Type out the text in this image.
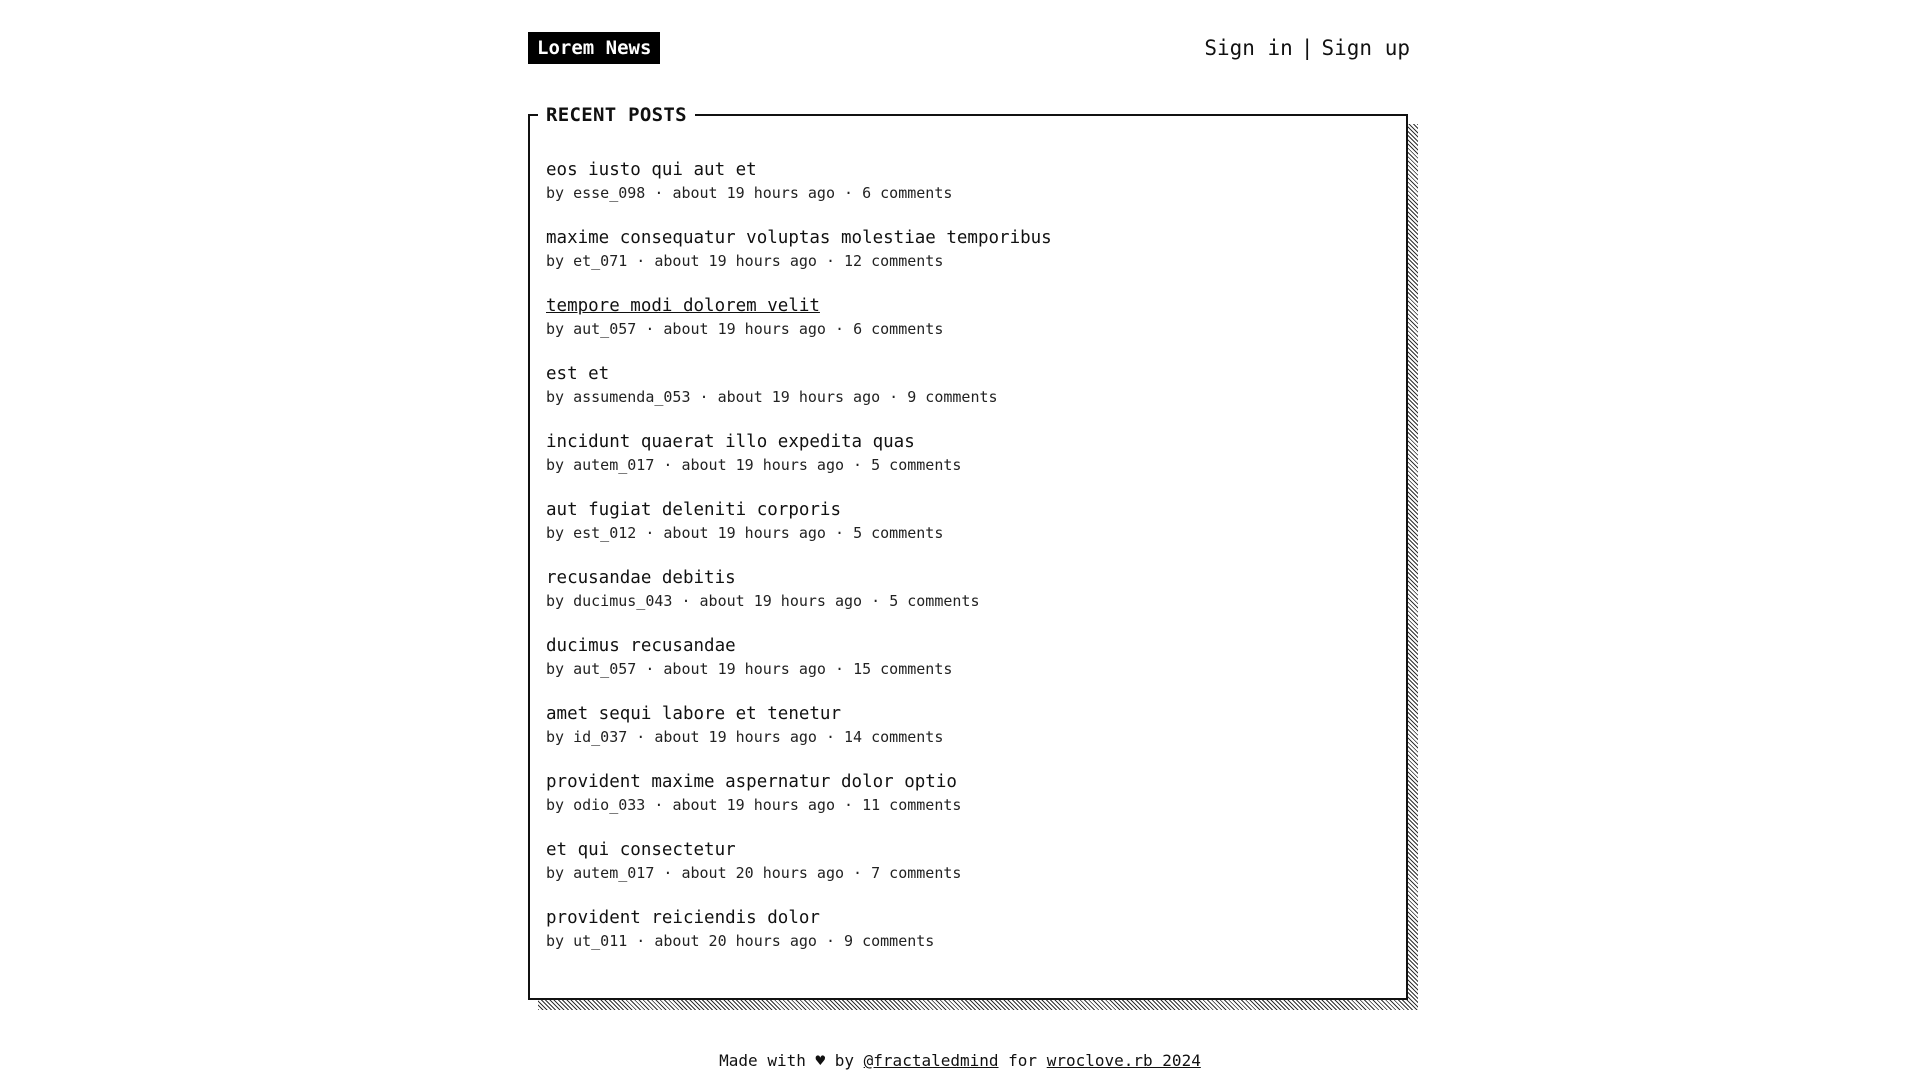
Lorem News	Sign in | Sign up
RECENT POSTS
eos iusto qui aut et
by esse_098 · about 19 hours ago · 6 comments
maxime consequatur voluptas molestiae temporibus
by et_071 · about 19 hours ago · 12 comments
tempore modi dolorem velit
by aut_057 · about 19 hours ago · 6 comments
est et
by assumenda_053 · about 19 hours ago · 9 comments
incidunt quaerat illo expedita quas
by autem_017 · about 19 hours ago · 5 comments
aut fugiat deleniti corporis
by est_012 · about 19 hours ago · 5 comments
recusandae debitis
by ducimus_043 · about 19 hours ago · 5 comments
ducimus recusandae
by aut_057 · about 19 hours ago · 15 comments
amet sequi labore et tenetur
by id_037 · about 19 hours ago · 14 comments
provident maxime aspernatur dolor optio
by odio_033 · about 19 hours ago · 11 comments
et qui consectetur
by autem_017 · about 20 hours ago · 7 comments
provident reiciendis dolor
by ut_011 · about 20 hours ago · 9 comments
Made with ♥ by @fractaledmind for wroclove.rb 2024
